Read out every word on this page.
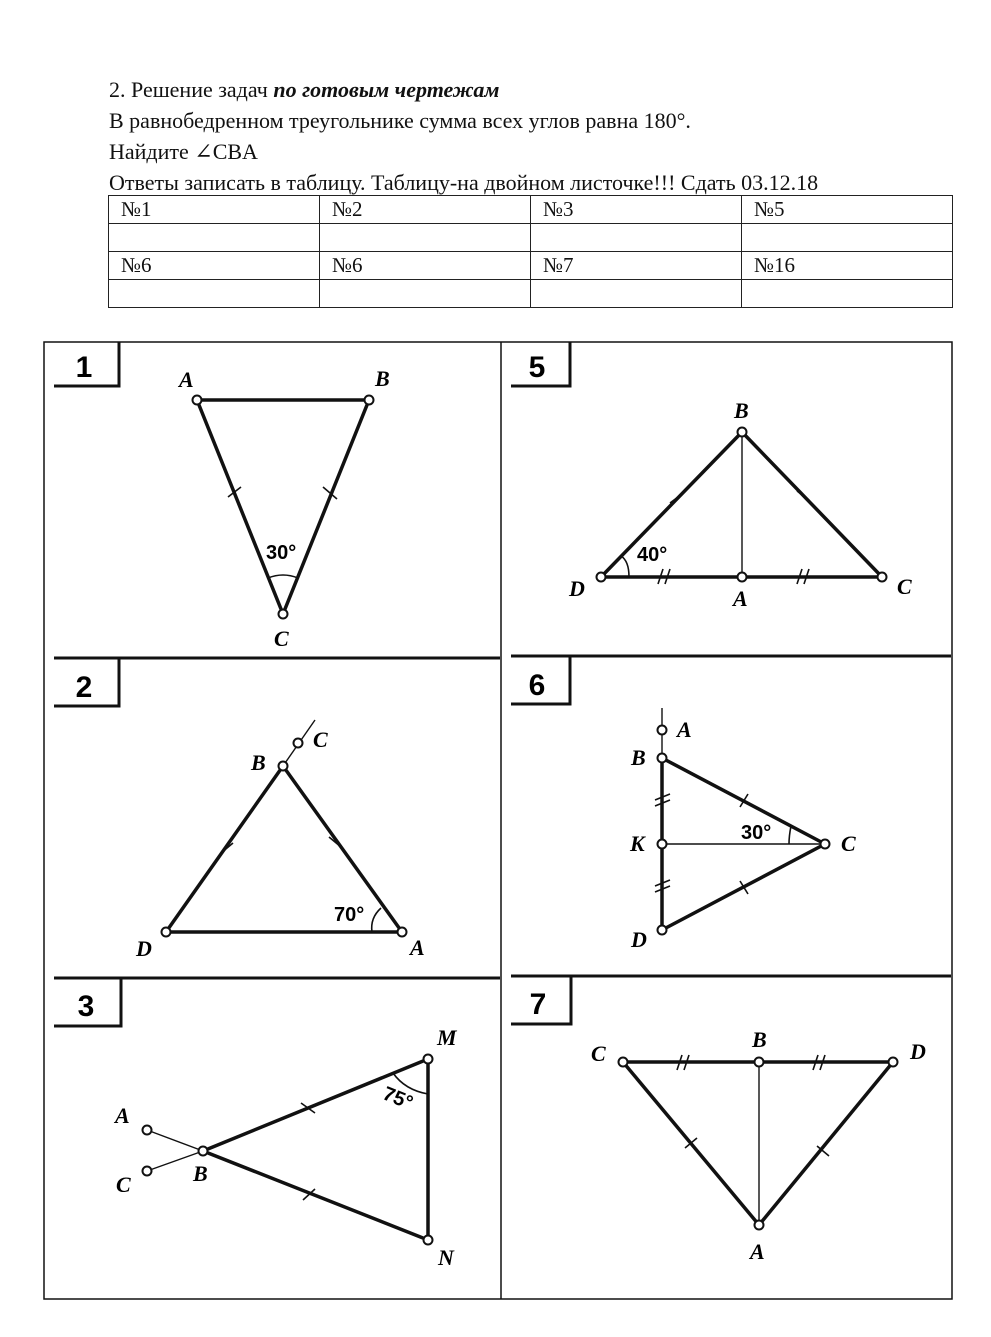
2. Решение задач по готовым чертежам
В равнобедренном треугольнике сумма всех углов равна 180°.
Найдите ∠CBA
Ответы записать в таблицу. Таблицу-на двойном листочке!!! Сдать 03.12.18
№1	№2	№3	№5

№6	№6	№7	№16

1	A	B
C
30°
2
C
B
D	A
70°
3
A
C	B
M
N
75°
5
B
D	A	C
40°
6
A
B
K	C
D
30°
7
C
B	D
A
